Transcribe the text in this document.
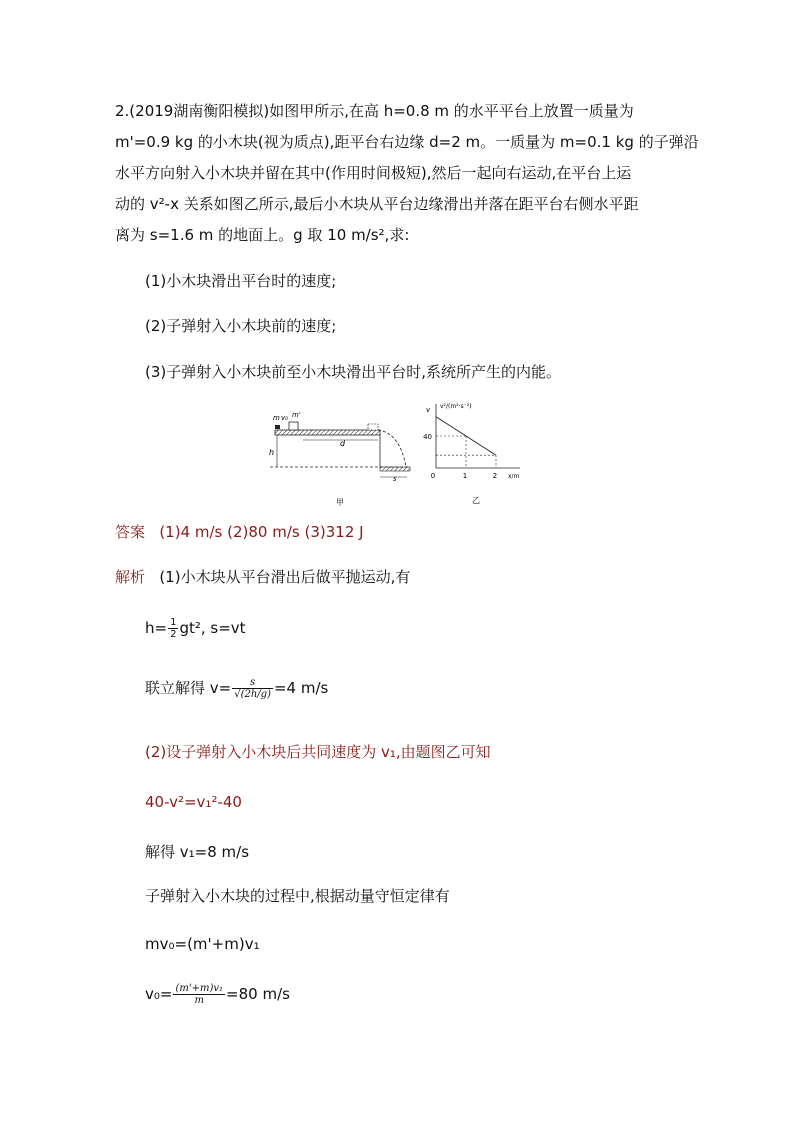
2.(2019湖南衡阳模拟)如图甲所示,在高 h=0.8 m 的水平平台上放置一质量为
m'=0.9 kg 的小木块(视为质点),距平台右边缘 d=2 m。一质量为 m=0.1 kg 的子弹沿
水平方向射入小木块并留在其中(作用时间极短),然后一起向右运动,在平台上运
动的 v²-x 关系如图乙所示,最后小木块从平台边缘滑出并落在距平台右侧水平距
离为 s=1.6 m 的地面上。g 取 10 m/s²,求:
(1)小木块滑出平台时的速度;
(2)子弹射入小木块前的速度;
(3)子弹射入小木块前至小木块滑出平台时,系统所产生的内能。
m v₀ m'
d
h
s
甲
v v²/(m²·s⁻²)
x/m
40
0	1	2
乙
答案 (1)4 m/s (2)80 m/s (3)312 J
解析 (1)小木块从平台滑出后做平抛运动,有
$h= \frac{1}{2} gt^2$, s=vt
联立解得 $v= \frac{s}{√(2h/g)} =4$ m/s
(2)设子弹射入小木块后共同速度为 v₁,由题图乙可知
40-v²=v₁²-40
解得 v₁=8 m/s
子弹射入小木块的过程中,根据动量守恒定律有
mv₀=(m'+m)v₁
$v_0= \frac{\text{(m'+m)v₁}}{m} =80$ m/s
